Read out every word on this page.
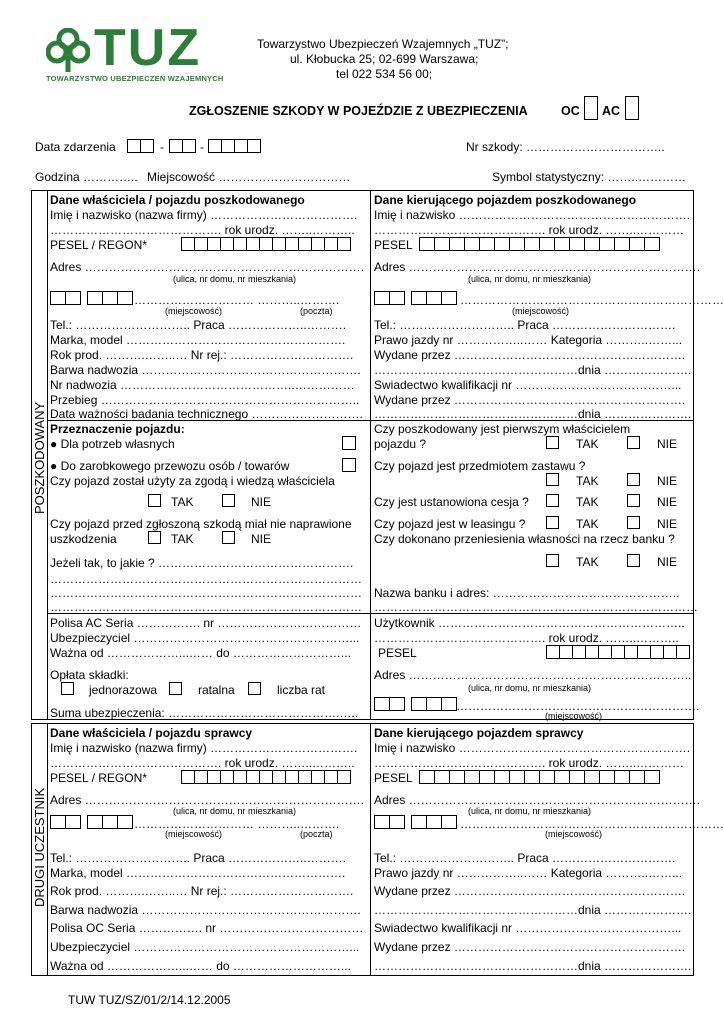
TUZ
TOWARZYSTWO UBEZPIECZEŃ WZAJEMNYCH
Towarzystwo Ubezpieczeń Wzajemnych „TUZ”;
ul. Kłobucka 25; 02-699 Warszawa;
tel 022 534 56 00;
ZGŁOSZENIE SZKODY W POJEŹDZIE Z UBEZPIECZENIA	OC AC
Data zdarzenia	-	-	Nr szkody: ……………………………..
Godzina ………….. Miejscowość ……………………………	Symbol statystyczny: ……..…………
POSZKODOWANY
Dane właściciela / pojazdu poszkodowanego
Imię i nazwisko (nazwa firmy) ……………………………….
……………………………………. rok urodz. ……..………..
PESEL / REGON*
Adres …………………………………………………………….
(ulica, nr domu, nr mieszkania)
………………………… ………..……….
(miejscowość)	(poczta)
Tel.: ……………………….. Praca ………………..……….
Marka, model ……………………………………………….
Rok prod. ……….……..… Nr rej.: ………………………….
Barwa nadwozia ……………………………………………….
Nr nadwozia ……………………………………..……………
Przebieg ………………………………………………………..
Data ważności badania technicznego ……………………….
Dane kierującego pojazdem poszkodowanego
Imię i nazwisko ………………………………………………….
……………………………………. rok urodz. ……..…………
PESEL
Adres ……………………………………………………………….
(ulica, nr domu, nr mieszkania)
…………………………………………………………
(miejscowość)
Tel.: ……………………….. Praca ………………………….
Prawo jazdy nr ……………..…… Kategoria ………..……...
Wydane przez ………………………………………………….
……………………………………………dnia ………………….
Swiadectwo kwalifikacji nr …………………………………...
Wydane przez ………………………………………………….
……………………………………………dnia ………………….
Przeznaczenie pojazdu:
● Dla potrzeb własnych
● Do zarobkowego przewozu osób / towarów
Czy pojazd został użyty za zgodą i wiedzą właściciela
TAK	NIE
Czy pojazd przed zgłoszoną szkodą miał nie naprawione
uszkodzenia	TAK	NIE
Jeżeli tak, to jakie ? ………………………………………….
……………………………………………………………………
……………………………………………………………………
……………………………………………………………………
Czy poszkodowany jest pierwszym właścicielem
pojazdu ?	TAK	NIE
Czy pojazd jest przedmiotem zastawu ?
TAK	NIE
Czy jest ustanowiona cesja ?	TAK	NIE
Czy pojazd jest w leasingu ?	TAK	NIE
Czy dokonano przeniesienia własności na rzecz banku ?
TAK	NIE
Nazwa banku i adres: ………………………………………..
………………………………………………………………………
Polisa AC Seria ……………. nr ………………………………
Ubezpieczyciel ………………………………………………...
Ważna od ………………...…… do ………………………...
Opłata składki:
jednorazowa	ratalna	liczba rat
Suma ubezpieczenia: …………………………………….…..
Użytkownik ……………………………………………………..
……………………………………. rok urodz. ……..………..
PESEL
Adres ……………………………………………………………..
(ulica, nr domu, nr mieszkania)
…………………………………………………….
(miejscowość)
DRUGI UCZESTNIK
Dane właściciela / pojazdu sprawcy
Imię i nazwisko (nazwa firmy) ……………………………….
……………………………………. rok urodz. ……..………..
PESEL / REGON*
Adres …………………………………………………………….
(ulica, nr domu, nr mieszkania)
………………………… ………..……….
(miejscowość)	(poczta)
Tel.: ……………………….. Praca ………………..……….
Marka, model ……………………………………………….
Rok prod. ……….……..… Nr rej.: ………………………….
Barwa nadwozia ……………………………………………….
Polisa OC Seria ……………. nr ………………………………
Ubezpieczyciel ………………………………………………...
Ważna od ………………...…… do ………………………...
Dane kierującego pojazdem sprawcy
Imię i nazwisko ………………………………………………….
……………………………………. rok urodz. ……..…………
PESEL
Adres ……………………………………………………………….
(ulica, nr domu, nr mieszkania)
…………………………………………………………
(miejscowość)
Tel.: ……………………….. Praca ………………………….
Prawo jazdy nr ……………..…… Kategoria ………..……...
Wydane przez ………………………………………………….
……………………………………………dnia ………………….
Swiadectwo kwalifikacji nr …………………………………...
Wydane przez ………………………………………………….
……………………………………………dnia ………………….
TUW TUZ/SZ/01/2/14.12.2005
